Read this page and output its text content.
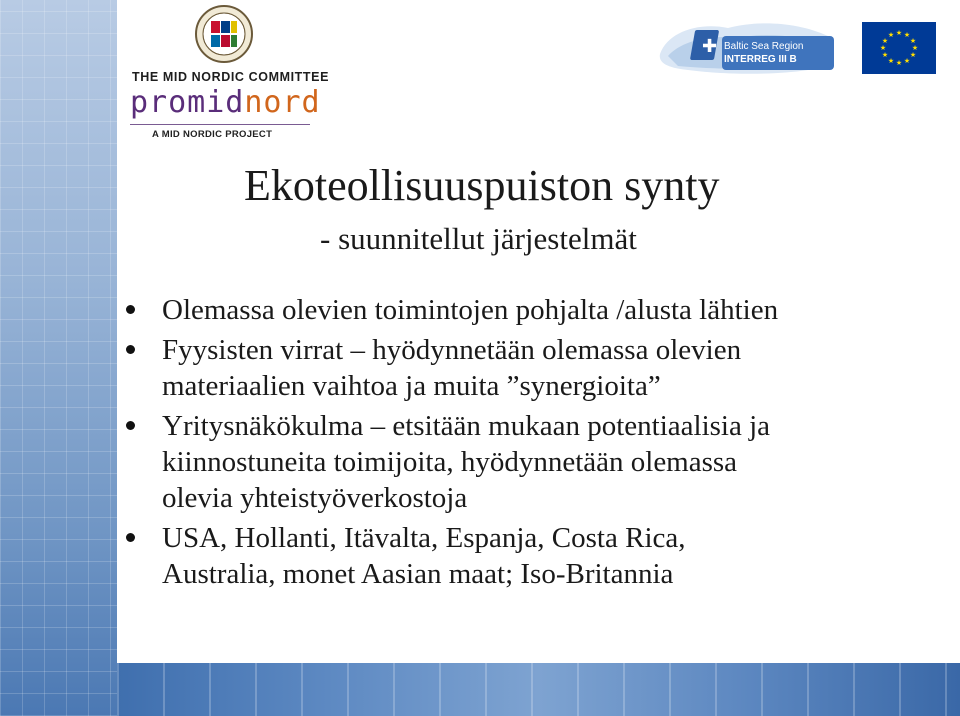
THE MID NORDIC COMMITTEE
promidnord
A MID NORDIC PROJECT
✚ Baltic Sea Region
INTERREG III B
★ ★
★
★
★
★
★
★
★
★
★
★
Ekoteollisuuspuiston synty
- suunnitellut järjestelmät
Olemassa olevien toimintojen pohjalta /alusta lähtien
Fyysisten virrat – hyödynnetään olemassa olevien
materiaalien vaihtoa ja muita ”synergioita”
Yritysnäkökulma – etsitään mukaan potentiaalisia ja
kiinnostuneita toimijoita, hyödynnetään olemassa
olevia yhteistyöverkostoja
USA, Hollanti, Itävalta, Espanja, Costa Rica,
Australia, monet Aasian maat; Iso-Britannia
